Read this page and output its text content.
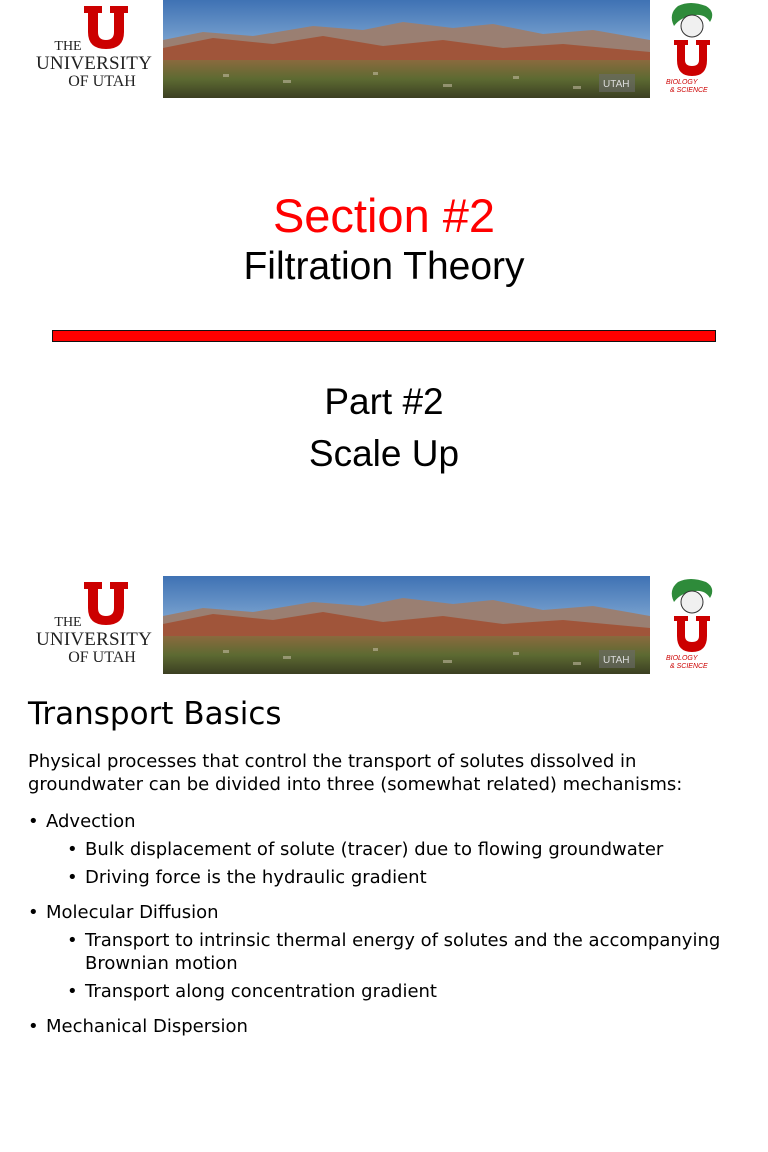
THE
UNIVERSITY
OF UTAH	UTAH	BIOLOGY
& SCIENCE
Section #2
Filtration Theory
Part #2
Scale Up
THE
UNIVERSITY
OF UTAH	UTAH	BIOLOGY
& SCIENCE
Transport Basics
Physical processes that control the transport of solutes dissolved in groundwater can be divided into three (somewhat related) mechanisms:
• Advection
• Bulk displacement of solute (tracer) due to flowing groundwater
• Driving force is the hydraulic gradient
• Molecular Diffusion
• Transport to intrinsic thermal energy of solutes and the accompanying Brownian motion
• Transport along concentration gradient
• Mechanical Dispersion
